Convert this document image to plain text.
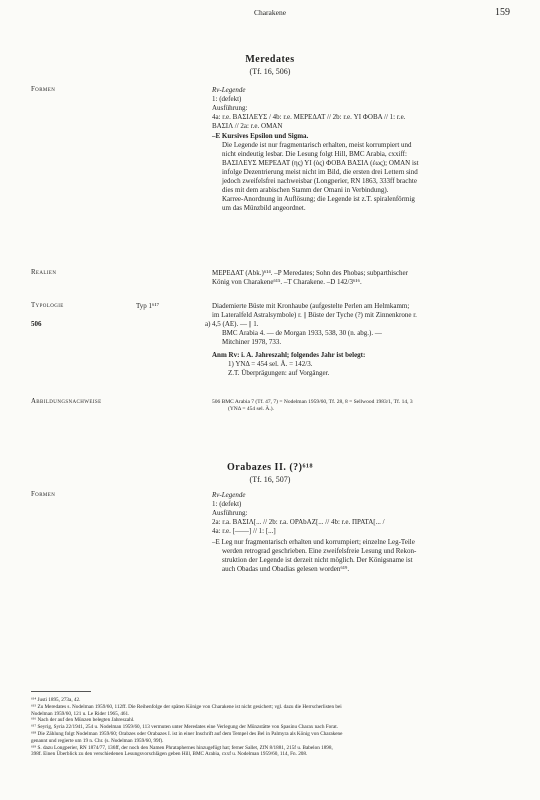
Charakene	159
Meredates
(Tf. 16, 506)
Formen	Rv-Legende

1: (defekt)

Ausführung:

4a: r.e. ΒΑΣΙΛΕΥΣ / 4b: r.e. ΜΕΡΕΔΑΤ // 2b: r.e. ΥΙ ΦΟΒΑ // 1: r.e.

ΒΑΣΙΛ // 2a: r.e. ΟΜΑΝ

–E Kursives Epsilon und Sigma.

Die Legende ist nur fragmentarisch erhalten, meist korrumpiert und

nicht eindeutig lesbar. Die Lesung folgt Hill, BMC Arabia, cxxiff:

ΒΑΣΙΛΕΥΣ ΜΕΡΕΔΑΤ (ης) ΥΙ (ὸς) ΦΟΒΑ ΒΑΣΙΛ (έως); ΟΜΑΝ ist

infolge Dezentrierung meist nicht im Bild, die ersten drei Lettern sind

jedoch zweifelsfrei nachweisbar (Longperier, RN 1863, 333ff brachte

dies mit dem arabischen Stamm der Omani in Verbindung).

Karree-Anordnung in Auflösung; die Legende ist z.T. spiralenförmig

um das Münzbild angeordnet.

Realien	ΜΕΡΕΔΑΤ (Abk.)⁶¹⁴. –P Meredates; Sohn des Phobas; subparthischer

König von Charakene⁶¹⁵. –T Charakene. –D 142/3⁶¹⁶.

Typologie	Typ 1⁶¹⁷	Diademierte Büste mit Kronhaube (aufgestelte Perlen am Helmkamm;

im Lateralfeld Astralsymbole) r. || Büste der Tyche (?) mit Zinnenkrone r.

506	a) 4,5 (AE). — || 1.

BMC Arabia 4. — de Morgan 1933, 538, 30 (n. abg.). —

Mitchiner 1978, 733.

Anm Rv: i. A. Jahreszahl; folgendes Jahr ist belegt:

1) ΥΝΔ = 454 sel. Ä. = 142/3.

Z.T. Überprägungen: auf Vorgänger.

Abbildungsnachweise	506 BMC Arabia 7 (Tf. 47, 7) = Nodelman 1959/60, Tf. 28, 8 = Sellwood 1983/1, Tf. 14, 3

(ΥΝΔ = 454 sel. Ä.).

Orabazes II. (?)⁶¹⁸
(Tf. 16, 507)
Formen	Rv-Legende

1: (defekt)

Ausführung:

2a: r.a. ΒΑΣΙΛ[... // 2b: r.a. ΟΡΑbΑΖ[... // 4b: r.e. ΠΡΑΤΑ[... /

4a: r.e. [——] // 1: [...]

–E Leg nur fragmentarisch erhalten und korrumpiert; einzelne Leg-Teile

werden retrograd geschrieben. Eine zweifelsfreie Lesung und Rekon-

struktion der Legende ist derzeit nicht möglich. Der Königsname ist

auch Obadas und Obadias gelesen worden⁶¹⁹.

⁶¹⁴ Justi 1895, 273a, 42.

⁶¹⁵ Zu Meredates s. Nodelman 1959/60, 112ff. Die Reihenfolge der späten Könige von Charakene ist nicht gesichert; vgl. dazu die Herrscherlisten bei

Nodelman 1959/60, 121 u. Le Rider 1965, 461.

⁶¹⁶ Nach der auf den Münzen belegten Jahreszahl.

⁶¹⁷ Seyrig, Syria 22/1941, 254 u. Nodelman 1959/60, 113 vermuten unter Meredates eine Verlegung der Münzstätte von Spasinu Charax nach Forat.

⁶¹⁸ Die Zählung folgt Nodelman 1959/60; Orabzes oder Orabazes I. ist in einer Inschrift auf dem Tempel des Bel in Palmyra als König von Charakene

genannt und regierte um 19 n. Chr. (s. Nodelman 1959/60, 99f).

⁶¹⁹ S. dazu Longperier, RN 1874/77, 136ff, der noch den Namen Phrataphernes hinzugefügt hat; ferner Sallet, ZfN 8/1881, 215f u. Babelon 1898,

398f. Einen Überblick zu den verschiedenen Lesungsvorschlägen geben Hill, BMC Arabia, cxxf u. Nodelman 1959/60, 114, Fn. 208.
